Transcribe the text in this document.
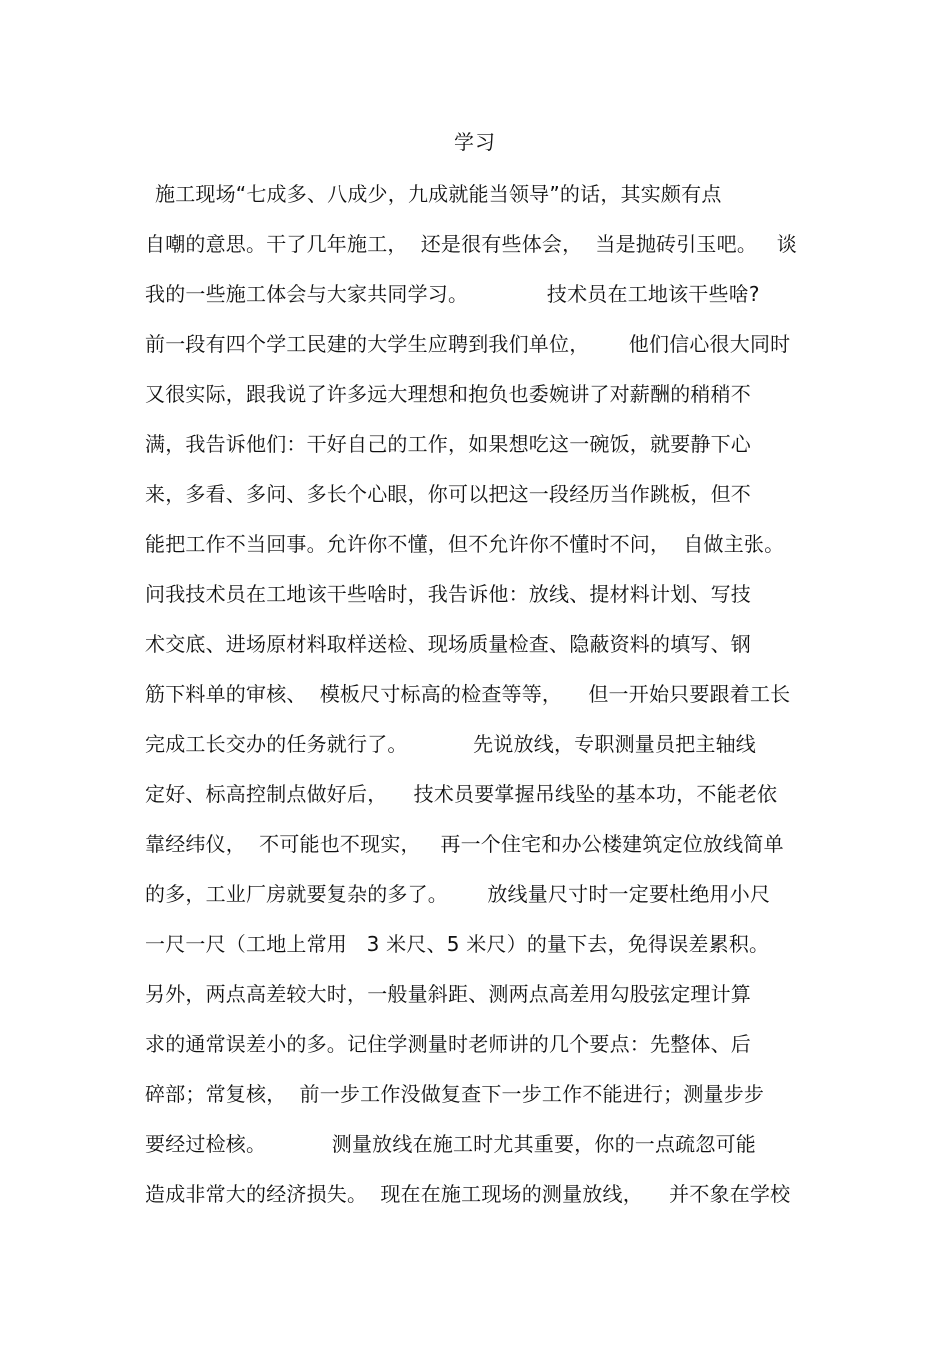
学习
施工现场“七成多、八成少，九成就能当领导”的话，其实颇有点
自嘲的意思。干了几年施工，  还是很有些体会，  当是抛砖引玉吧。   谈
我的一些施工体会与大家共同学习。            技术员在工地该干些啥?
前一段有四个学工民建的大学生应聘到我们单位，      他们信心很大同时
又很实际，跟我说了许多远大理想和抱负也委婉讲了对薪酬的稍稍不
满，我告诉他们：干好自己的工作，如果想吃这一碗饭，就要静下心
来，多看、多问、多长个心眼，你可以把这一段经历当作跳板，但不
能把工作不当回事。允许你不懂，但不允许你不懂时不问，  自做主张。
问我技术员在工地该干些啥时，我告诉他：放线、提材料计划、写技
术交底、进场原材料取样送检、现场质量检查、隐蔽资料的填写、钢
筋下料单的审核、  模板尺寸标高的检查等等，    但一开始只要跟着工长
完成工长交办的任务就行了。          先说放线，专职测量员把主轴线
定好、标高控制点做好后，    技术员要掌握吊线坠的基本功，不能老依
靠经纬仪，  不可能也不现实，   再一个住宅和办公楼建筑定位放线简单
的多，工业厂房就要复杂的多了。      放线量尺寸时一定要杜绝用小尺
一尺一尺（工地上常用   3 米尺、5 米尺）的量下去，免得误差累积。
另外，两点高差较大时，一般量斜距、测两点高差用勾股弦定理计算
求的通常误差小的多。记住学测量时老师讲的几个要点：先整体、后
碎部；常复核，  前一步工作没做复查下一步工作不能进行；测量步步
要经过检核。          测量放线在施工时尤其重要，你的一点疏忽可能
造成非常大的经济损失。  现在在施工现场的测量放线，    并不象在学校
